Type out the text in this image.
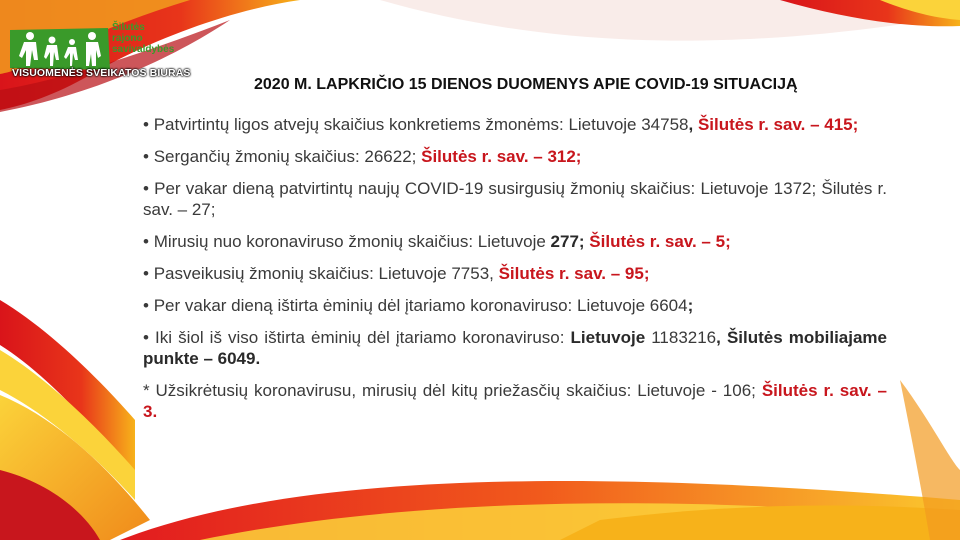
Šilutės
rajono
savivaldybės
VISUOMENĖS SVEIKATOS BIURAS
2020 M. LAPKRIČIO 15 DIENOS DUOMENYS APIE COVID-19 SITUACIJĄ
• Patvirtintų ligos atvejų skaičius konkretiems žmonėms: Lietuvoje 34758, Šilutės r. sav. – 415;
• Sergančių žmonių skaičius: 26622; Šilutės r. sav. – 312;
• Per vakar dieną patvirtintų naujų COVID-19 susirgusių žmonių skaičius: Lietuvoje 1372; Šilutės r. sav. – 27;
• Mirusių nuo koronaviruso žmonių skaičius: Lietuvoje 277; Šilutės r. sav. – 5;
• Pasveikusių žmonių skaičius: Lietuvoje 7753, Šilutės r. sav. – 95;
• Per vakar dieną ištirta ėminių dėl įtariamo koronaviruso: Lietuvoje 6604;
• Iki šiol iš viso ištirta ėminių dėl įtariamo koronaviruso: Lietuvoje 1183216, Šilutės mobiliajame punkte – 6049.
* Užsikrėtusių koronavirusu, mirusių dėl kitų priežasčių skaičius: Lietuvoje - 106; Šilutės r. sav. – 3.
